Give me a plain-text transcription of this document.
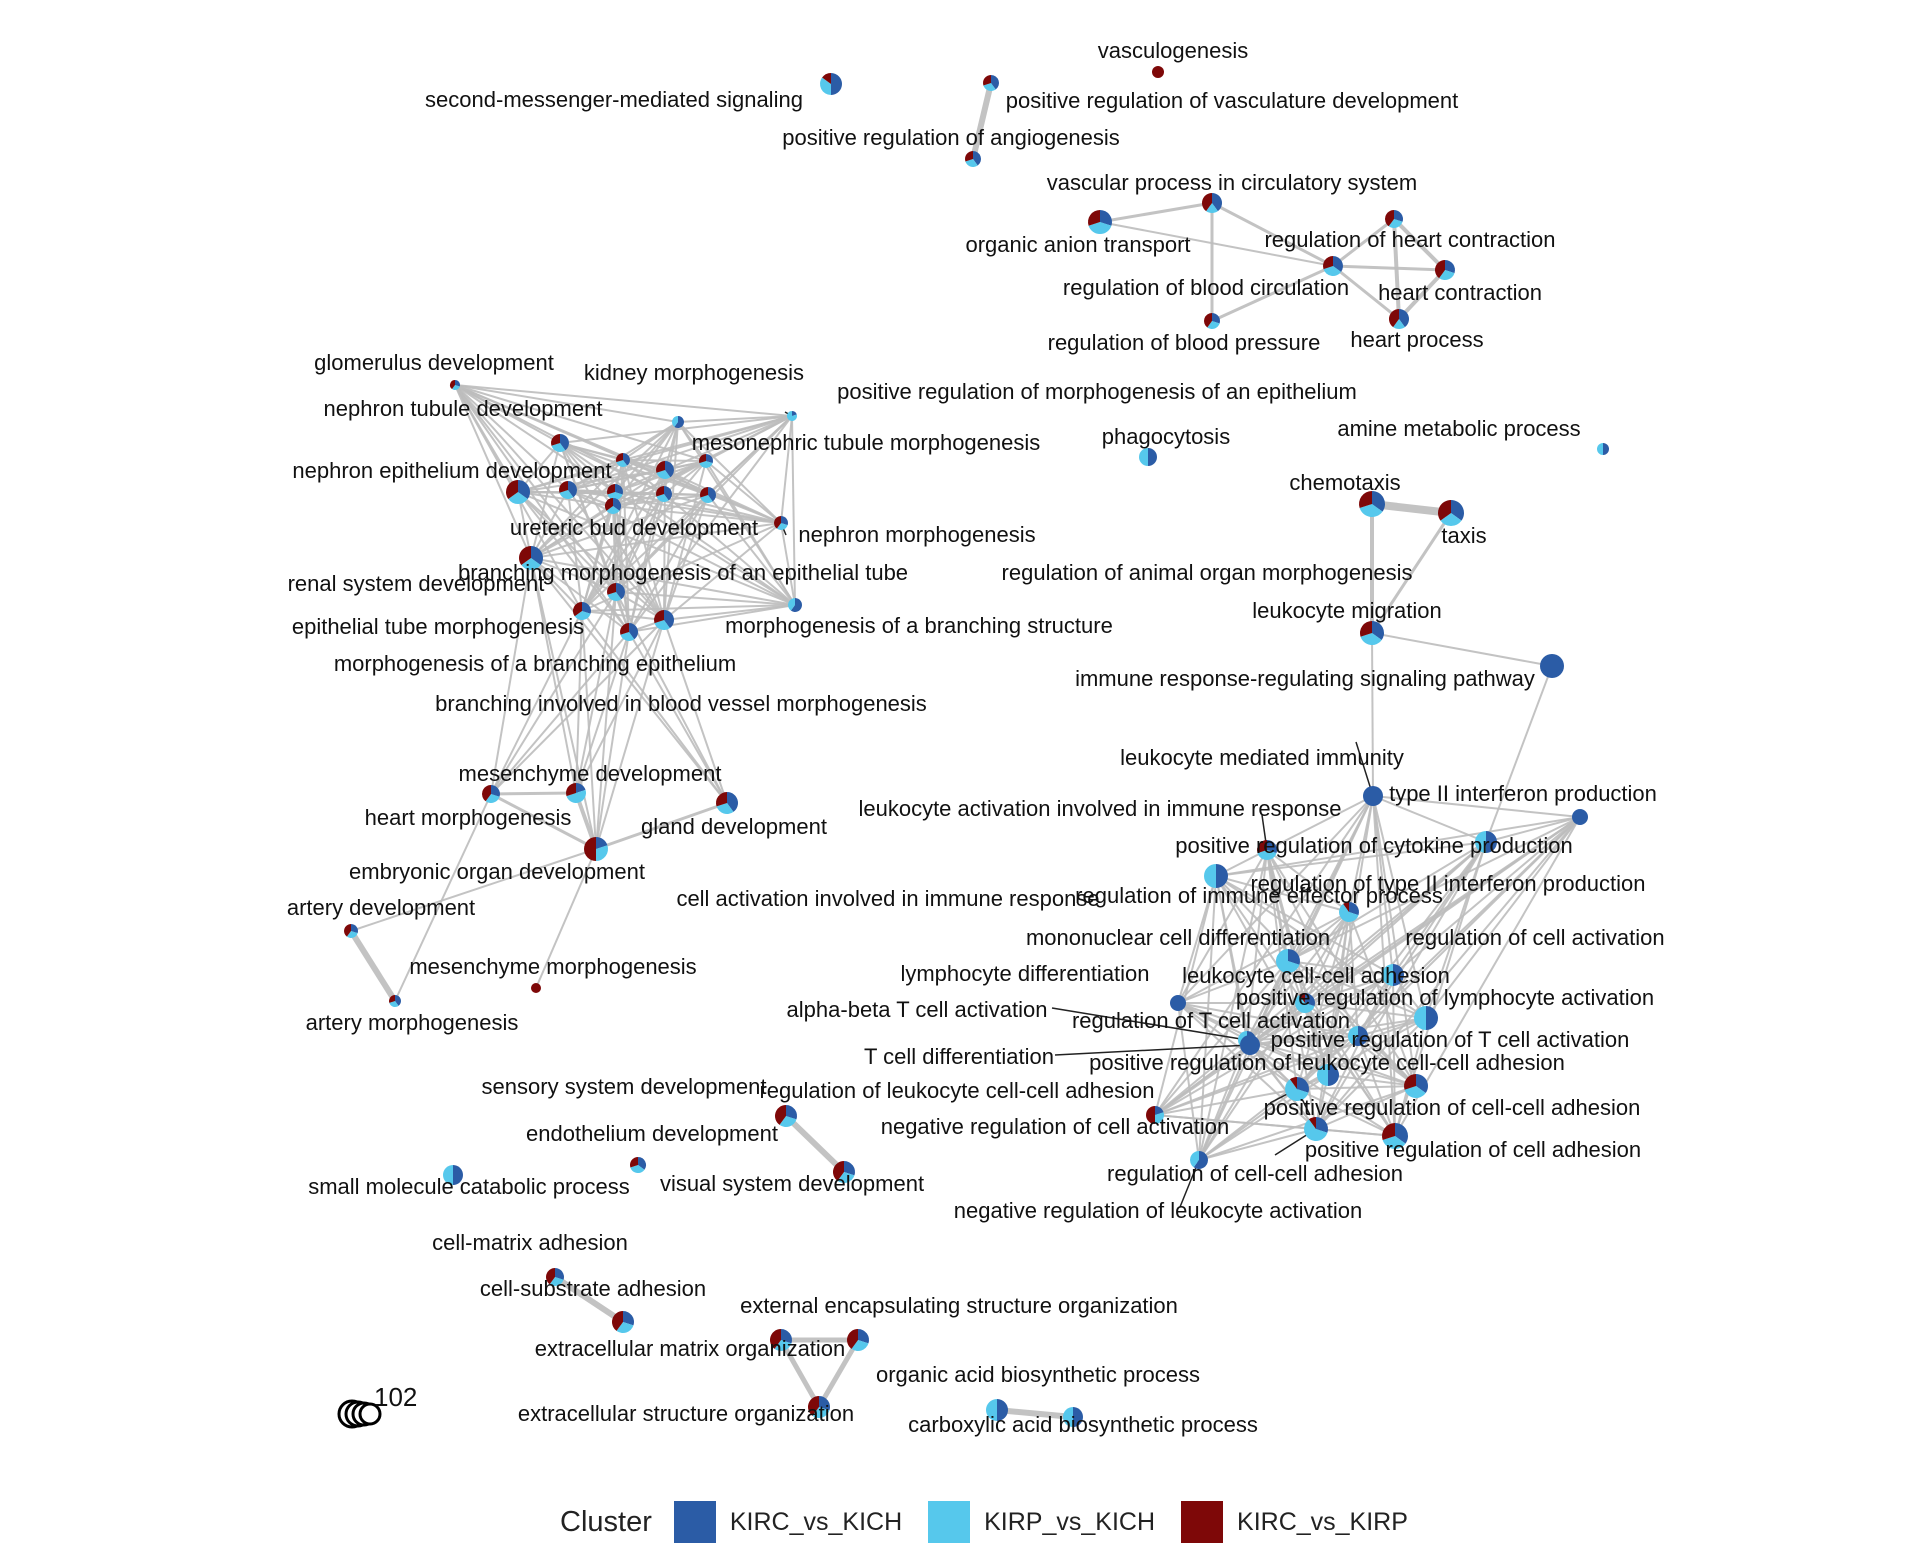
vasculogenesis
second-messenger-mediated signaling	positive regulation of vasculature development
positive regulation of angiogenesis
vascular process in circulatory system
organic anion transport	regulation of heart contraction
regulation of blood circulation heart contraction
regulation of blood pressure heart process
glomerulus development kidney morphogenesis
positive regulation of morphogenesis of an epithelium
nephron tubule development
mesonephric tubule morphogenesis	phagocytosis	amine metabolic process
nephron epithelium development	chemotaxis
ureteric bud development nephron morphogenesis	taxis
renal system development
branching morphogenesis of an epithelial tube	regulation of animal organ morphogenesis
leukocyte migration
epithelial tube morphogenesis	morphogenesis of a branching structure
morphogenesis of a branching epithelium
immune response-regulating signaling pathway
branching involved in blood vessel morphogenesis
leukocyte mediated immunity
mesenchyme development
type II interferon production
leukocyte activation involved in immune response
heart morphogenesis	gland development
positive regulation of cytokine production
embryonic organ development	regulation of type II interferon production
cell activation involved in immune response
regulation of immune effector process
artery development
mononuclear cell differentiation	regulation of cell activation
mesenchyme morphogenesis	lymphocyte differentiation leukocyte cell-cell adhesion
positive regulation of lymphocyte activation
artery morphogenesis
alpha-beta T cell activation regulation of T cell activation
positive regulation of T cell activation
T cell differentiation positive regulation of leukocyte cell-cell adhesion
sensory system development
regulation of leukocyte cell-cell adhesion
positive regulation of cell-cell adhesion
endothelium development	negative regulation of cell activation
positive regulation of cell adhesion
small molecule catabolic process visual system development	regulation of cell-cell adhesion
negative regulation of leukocyte activation
cell-matrix adhesion
cell-substrate adhesion
external encapsulating structure organization
extracellular matrix organization
organic acid biosynthetic process
extracellular structure organization carboxylic acid biosynthetic process
102
Cluster	KIRC_vs_KICH	KIRP_vs_KICH	KIRC_vs_KIRP
